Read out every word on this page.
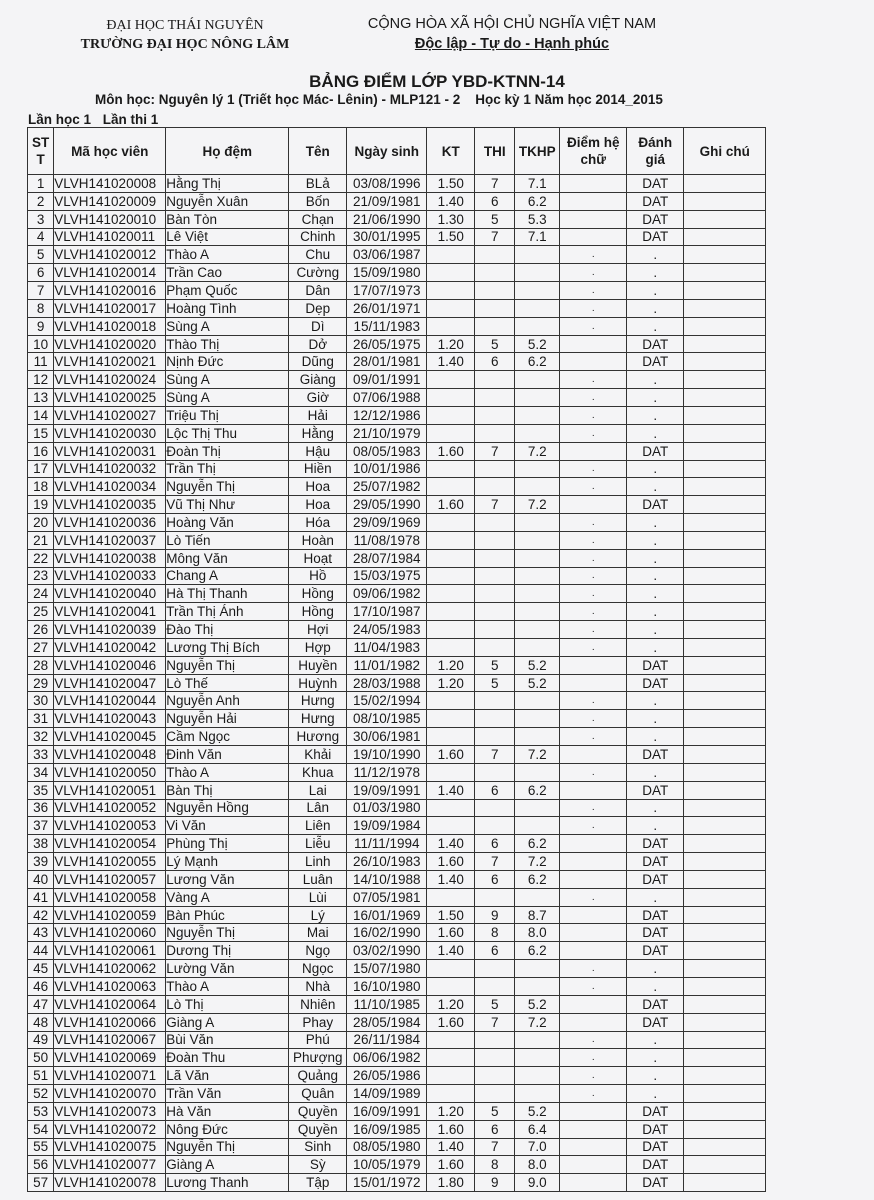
ĐẠI HỌC THÁI NGUYÊN
TRƯỜNG ĐẠI HỌC NÔNG LÂM
CỘNG HÒA XÃ HỘI CHỦ NGHĨA VIỆT NAM
Độc lập - Tự do - Hạnh phúc
BẢNG ĐIỂM LỚP YBD-KTNN-14
Môn học: Nguyên lý 1 (Triết học Mác- Lênin) - MLP121 - 2    Học kỳ 1 Năm học 2014_2015
Lần học 1 Lần thi 1
ST T	Mã học viên	Họ đệm	Tên	Ngày sinh	KT	THI	TKHP	Điểm hệ chữ	Đánh giá	Ghi chú
1	VLVH141020008	Hằng Thị	BLả	03/08/1996	1.50	7	7.1		DAT	
2	VLVH141020009	Nguyễn Xuân	Bốn	21/09/1981	1.40	6	6.2		DAT	
3	VLVH141020010	Bàn Tòn	Chạn	21/06/1990	1.30	5	5.3		DAT	
4	VLVH141020011	Lê Việt	Chinh	30/01/1995	1.50	7	7.1		DAT	
5	VLVH141020012	Thào A	Chu	03/06/1987				.	.	
6	VLVH141020014	Trần Cao	Cường	15/09/1980				.	.	
7	VLVH141020016	Phạm Quốc	Dân	17/07/1973				.	.	
8	VLVH141020017	Hoàng Tình	Dẹp	26/01/1971				.	.	
9	VLVH141020018	Sùng A	Dì	15/11/1983				.	.	
10	VLVH141020020	Thào Thị	Dở	26/05/1975	1.20	5	5.2		DAT	
11	VLVH141020021	Nịnh Đức	Dũng	28/01/1981	1.40	6	6.2		DAT	
12	VLVH141020024	Sùng A	Giàng	09/01/1991				.	.	
13	VLVH141020025	Sùng A	Giờ	07/06/1988				.	.	
14	VLVH141020027	Triệu Thị	Hải	12/12/1986				.	.	
15	VLVH141020030	Lộc Thị Thu	Hằng	21/10/1979				.	.	
16	VLVH141020031	Đoàn Thị	Hậu	08/05/1983	1.60	7	7.2		DAT	
17	VLVH141020032	Trần Thị	Hiền	10/01/1986				.	.	
18	VLVH141020034	Nguyễn Thị	Hoa	25/07/1982				.	.	
19	VLVH141020035	Vũ Thị Như	Hoa	29/05/1990	1.60	7	7.2		DAT	
20	VLVH141020036	Hoàng Văn	Hóa	29/09/1969				.	.	
21	VLVH141020037	Lò Tiến	Hoàn	11/08/1978				.	.	
22	VLVH141020038	Mông Văn	Hoạt	28/07/1984				.	.	
23	VLVH141020033	Chang A	Hồ	15/03/1975				.	.	
24	VLVH141020040	Hà Thị Thanh	Hồng	09/06/1982				.	.	
25	VLVH141020041	Trần Thị Ánh	Hồng	17/10/1987				.	.	
26	VLVH141020039	Đào Thị	Hợi	24/05/1983				.	.	
27	VLVH141020042	Lương Thị Bích	Hợp	11/04/1983				.	.	
28	VLVH141020046	Nguyễn Thị	Huyền	11/01/1982	1.20	5	5.2		DAT	
29	VLVH141020047	Lò Thế	Huỳnh	28/03/1988	1.20	5	5.2		DAT	
30	VLVH141020044	Nguyễn Anh	Hưng	15/02/1994				.	.	
31	VLVH141020043	Nguyễn Hải	Hưng	08/10/1985				.	.	
32	VLVH141020045	Cầm Ngọc	Hương	30/06/1981				.	.	
33	VLVH141020048	Đinh Văn	Khải	19/10/1990	1.60	7	7.2		DAT	
34	VLVH141020050	Thào A	Khua	11/12/1978				.	.	
35	VLVH141020051	Bàn Thị	Lai	19/09/1991	1.40	6	6.2		DAT	
36	VLVH141020052	Nguyễn Hồng	Lân	01/03/1980				.	.	
37	VLVH141020053	Vi Văn	Liên	19/09/1984				.	.	
38	VLVH141020054	Phùng Thị	Liễu	11/11/1994	1.40	6	6.2		DAT	
39	VLVH141020055	Lý Mạnh	Linh	26/10/1983	1.60	7	7.2		DAT	
40	VLVH141020057	Lương Văn	Luân	14/10/1988	1.40	6	6.2		DAT	
41	VLVH141020058	Vàng A	Lùi	07/05/1981				.	.	
42	VLVH141020059	Bàn Phúc	Lý	16/01/1969	1.50	9	8.7		DAT	
43	VLVH141020060	Nguyễn Thị	Mai	16/02/1990	1.60	8	8.0		DAT	
44	VLVH141020061	Dương Thị	Ngọ	03/02/1990	1.40	6	6.2		DAT	
45	VLVH141020062	Lường Văn	Ngọc	15/07/1980				.	.	
46	VLVH141020063	Thào A	Nhà	16/10/1980				.	.	
47	VLVH141020064	Lò Thị	Nhiên	11/10/1985	1.20	5	5.2		DAT	
48	VLVH141020066	Giàng A	Phay	28/05/1984	1.60	7	7.2		DAT	
49	VLVH141020067	Bùi Văn	Phú	26/11/1984				.	.	
50	VLVH141020069	Đoàn Thu	Phượng	06/06/1982				.	.	
51	VLVH141020071	Lã Văn	Quảng	26/05/1986				.	.	
52	VLVH141020070	Trần Văn	Quân	14/09/1989				.	.	
53	VLVH141020073	Hà Văn	Quyền	16/09/1991	1.20	5	5.2		DAT	
54	VLVH141020072	Nông Đức	Quyền	16/09/1985	1.60	6	6.4		DAT	
55	VLVH141020075	Nguyễn Thị	Sinh	08/05/1980	1.40	7	7.0		DAT	
56	VLVH141020077	Giàng A	Sỳ	10/05/1979	1.60	8	8.0		DAT	
57	VLVH141020078	Lương Thanh	Tập	15/01/1972	1.80	9	9.0		DAT	
